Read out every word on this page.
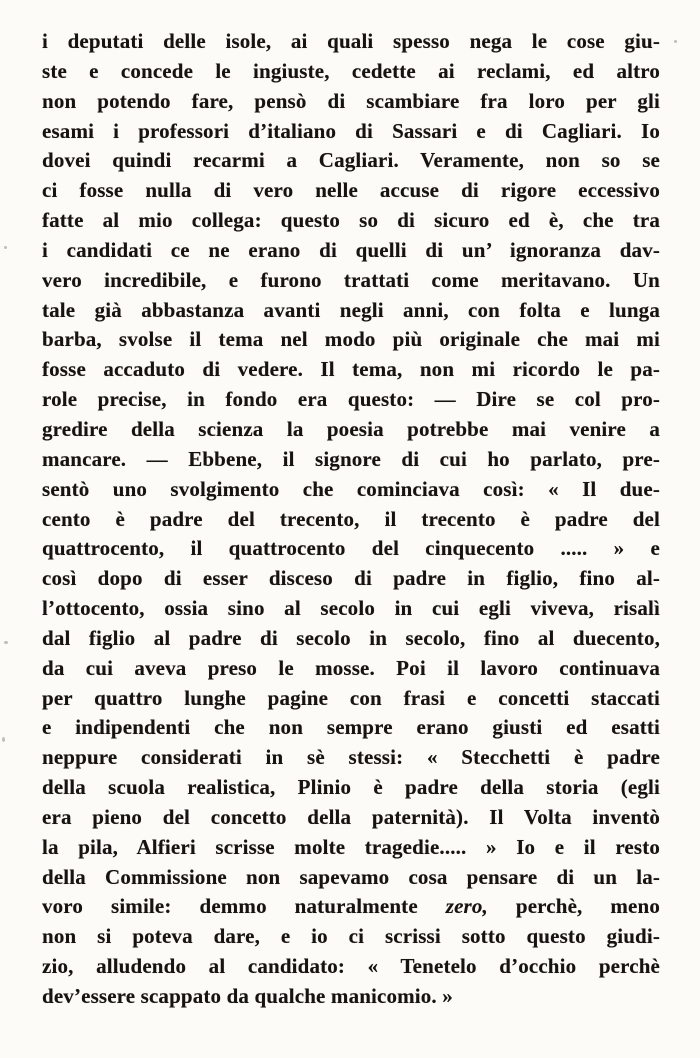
i deputati delle isole, ai quali spesso nega le cose giu-
ste e concede le ingiuste, cedette ai reclami, ed altro
non potendo fare, pensò di scambiare fra loro per gli
esami i professori d’italiano di Sassari e di Cagliari. Io
dovei quindi recarmi a Cagliari. Veramente, non so se
ci fosse nulla di vero nelle accuse di rigore eccessivo
fatte al mio collega: questo so di sicuro ed è, che tra
i candidati ce ne erano di quelli di un’ ignoranza dav-
vero incredibile, e furono trattati come meritavano. Un
tale già abbastanza avanti negli anni, con folta e lunga
barba, svolse il tema nel modo più originale che mai mi
fosse accaduto di vedere. Il tema, non mi ricordo le pa-
role precise, in fondo era questo: — Dire se col pro-
gredire della scienza la poesia potrebbe mai venire a
mancare. — Ebbene, il signore di cui ho parlato, pre-
sentò uno svolgimento che cominciava così: « Il due-
cento è padre del trecento, il trecento è padre del
quattrocento, il quattrocento del cinquecento ..... » e
così dopo di esser disceso di padre in figlio, fino al-
l’ottocento, ossia sino al secolo in cui egli viveva, risalì
dal figlio al padre di secolo in secolo, fino al duecento,
da cui aveva preso le mosse. Poi il lavoro continuava
per quattro lunghe pagine con frasi e concetti staccati
e indipendenti che non sempre erano giusti ed esatti
neppure considerati in sè stessi: « Stecchetti è padre
della scuola realistica, Plinio è padre della storia (egli
era pieno del concetto della paternità). Il Volta inventò
la pila, Alfieri scrisse molte tragedie..... » Io e il resto
della Commissione non sapevamo cosa pensare di un la-
voro simile: demmo naturalmente zero, perchè, meno
non si poteva dare, e io ci scrissi sotto questo giudi-
zio, alludendo al candidato: « Tenetelo d’occhio perchè
dev’essere scappato da qualche manicomio. »
